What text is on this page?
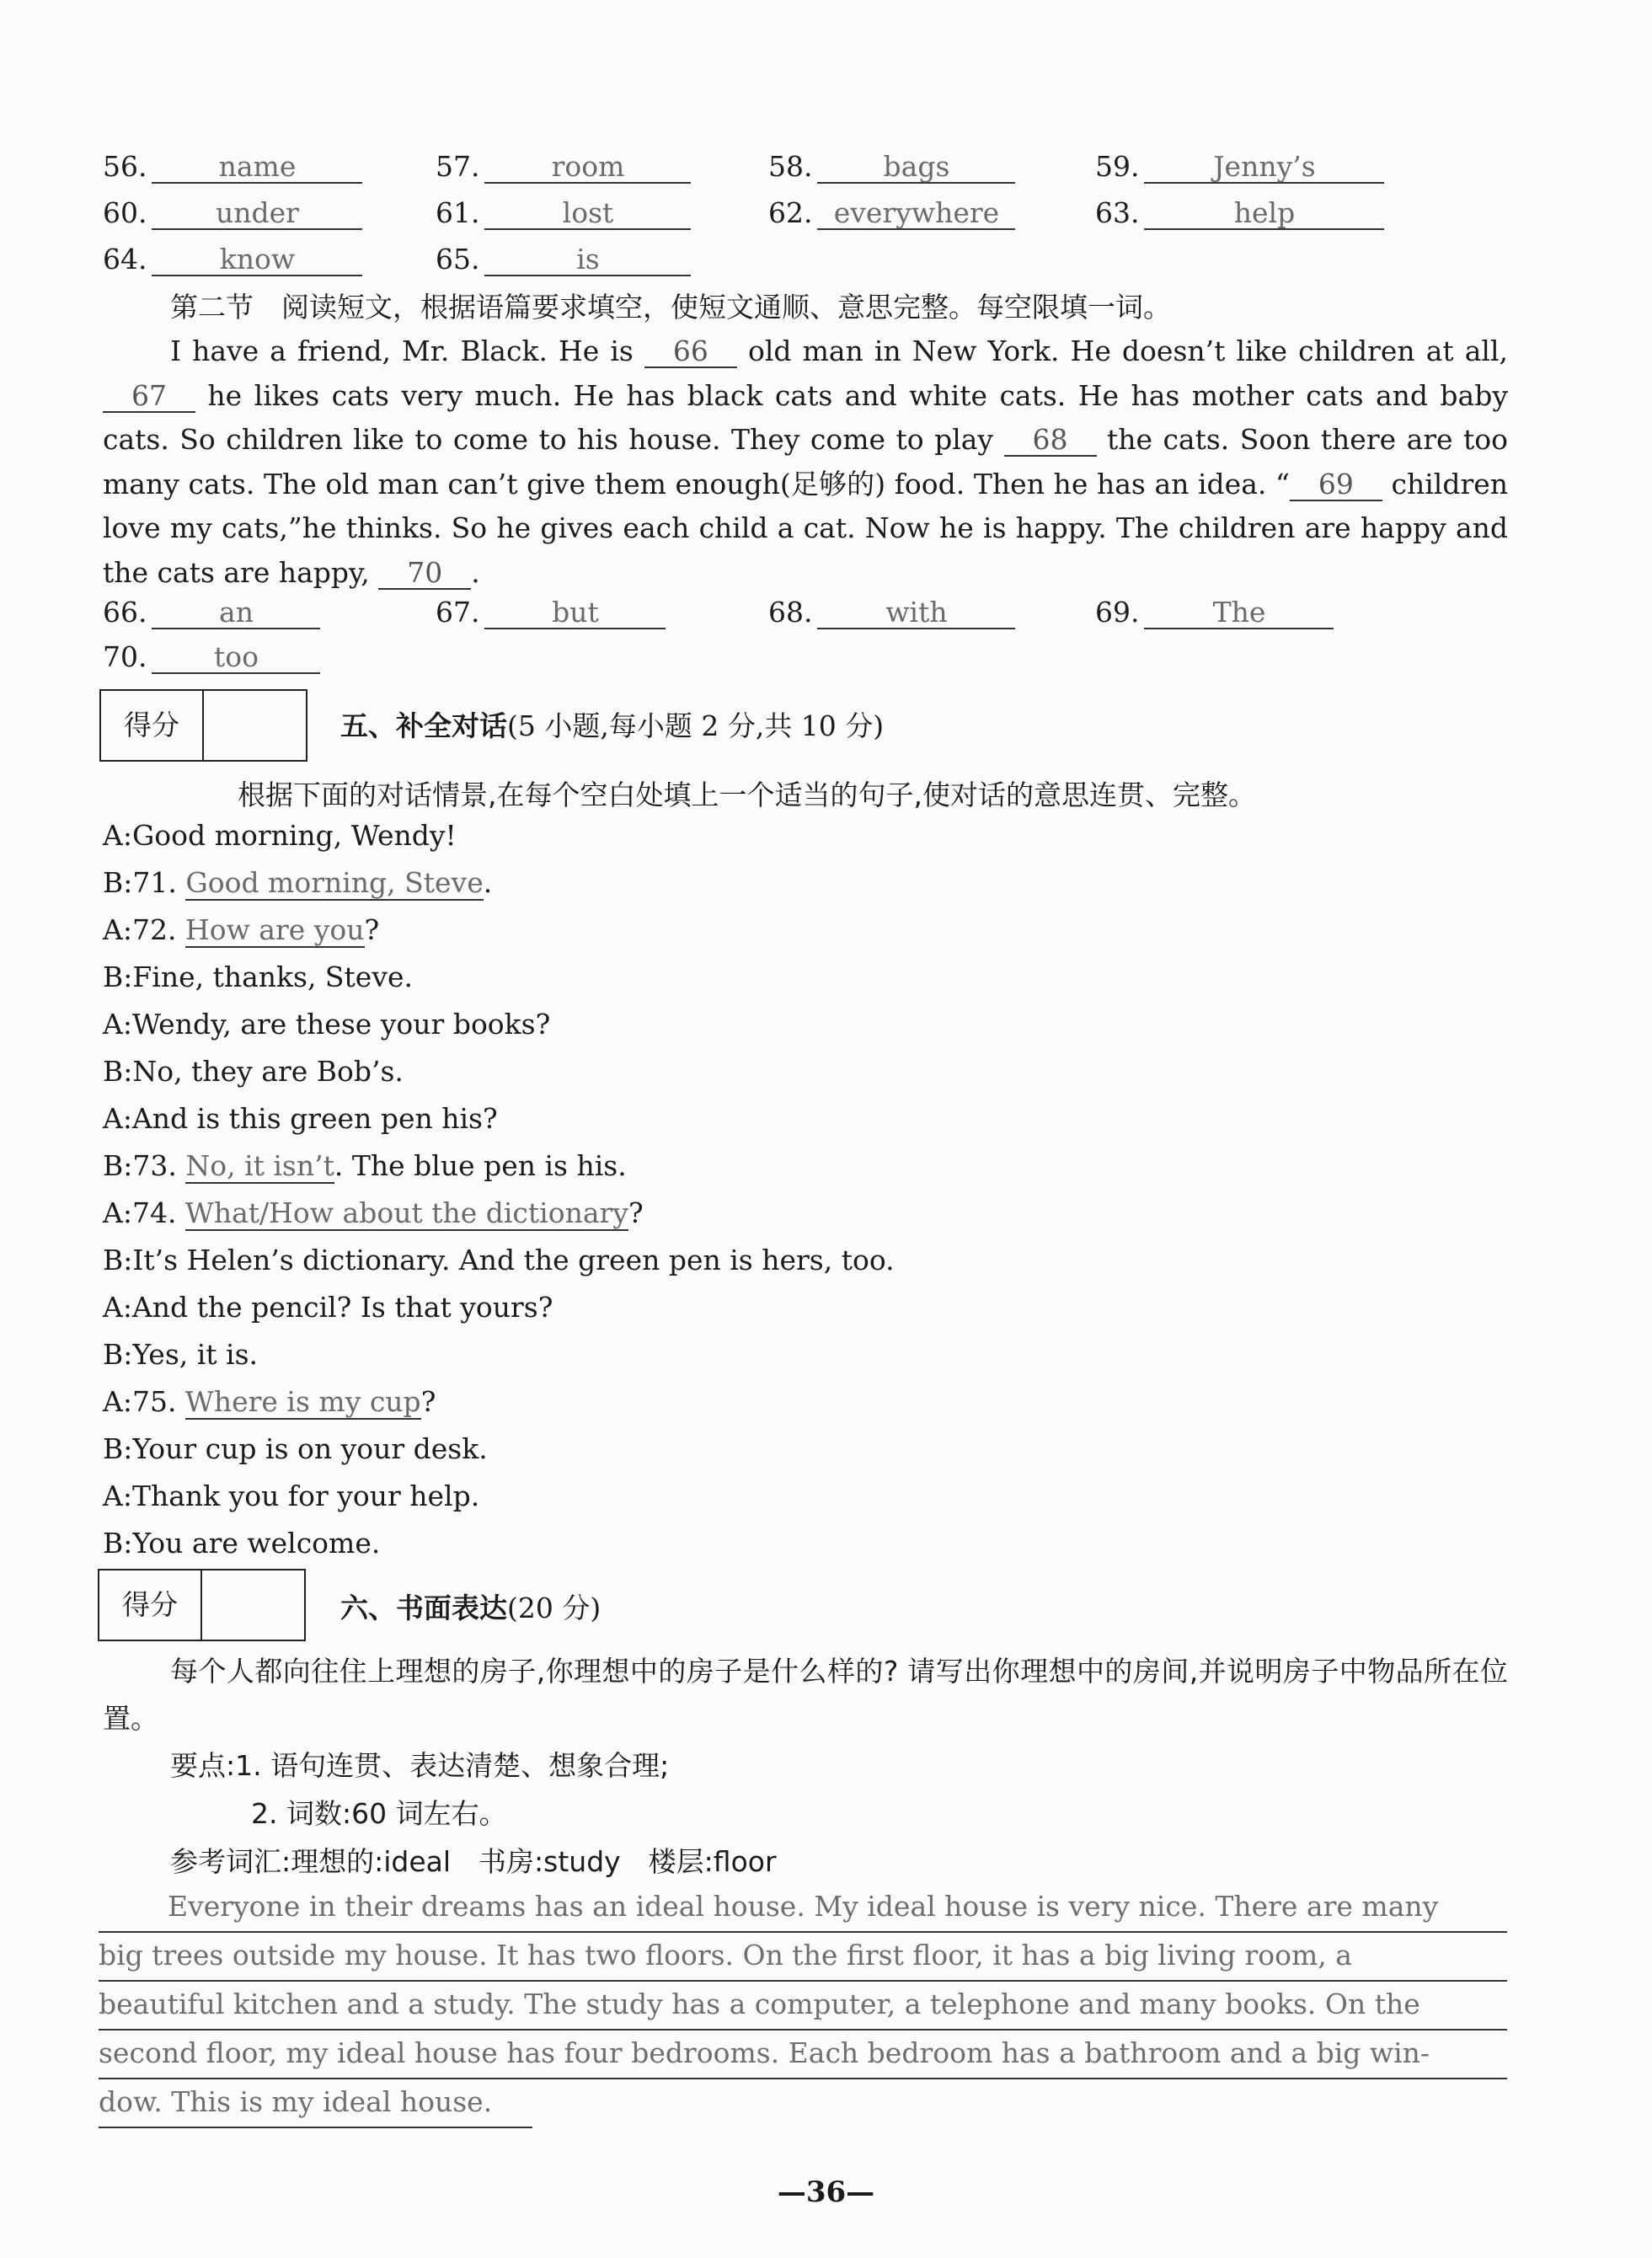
56.	name	57.	room	58.	bags	59.	Jenny’s
60. under	61.	lost	62. everywhere	63.	help
64.	know	65.	is
第二节　阅读短文，根据语篇要求填空，使短文通顺、意思完整。每空限填一词。
I have a friend, Mr. Black. He is 66 old man in New York. He doesn’t like children at all, 67 he likes cats very much. He has black cats and white cats. He has mother cats and baby cats. So children like to come to his house. They come to play 68 the cats. Soon there are too many cats. The old man can’t give them enough(足够的) food. Then he has an idea. “ 69 children love my cats,”he thinks. So he gives each child a cat. Now he is happy. The children are happy and the cats are happy, 70 .
66.	an	67.	but	68.	with	69.	The
70. too
得分	五、补全对话(5 小题,每小题 2 分,共 10 分)
根据下面的对话情景,在每个空白处填上一个适当的句子,使对话的意思连贯、完整。
A:Good morning, Wendy!
B:71. Good morning, Steve.
A:72. How are you?
B:Fine, thanks, Steve.
A:Wendy, are these your books?
B:No, they are Bob’s.
A:And is this green pen his?
B:73. No, it isn’t. The blue pen is his.
A:74. What/How about the dictionary?
B:It’s Helen’s dictionary. And the green pen is hers, too.
A:And the pencil? Is that yours?
B:Yes, it is.
A:75. Where is my cup?
B:Your cup is on your desk.
A:Thank you for your help.
B:You are welcome.
得分	六、书面表达(20 分)
每个人都向往住上理想的房子,你理想中的房子是什么样的? 请写出你理想中的房间,并说明房子中物品所在位置。
要点:1. 语句连贯、表达清楚、想象合理;
2. 词数:60 词左右。
参考词汇:理想的:ideal　书房:study　楼层:floor
Everyone in their dreams has an ideal house. My ideal house is very nice. There are many
big trees outside my house. It has two floors. On the first floor, it has a big living room, a
beautiful kitchen and a study. The study has a computer, a telephone and many books. On the
second floor, my ideal house has four bedrooms. Each bedroom has a bathroom and a big win-
dow. This is my ideal house.
—36—
